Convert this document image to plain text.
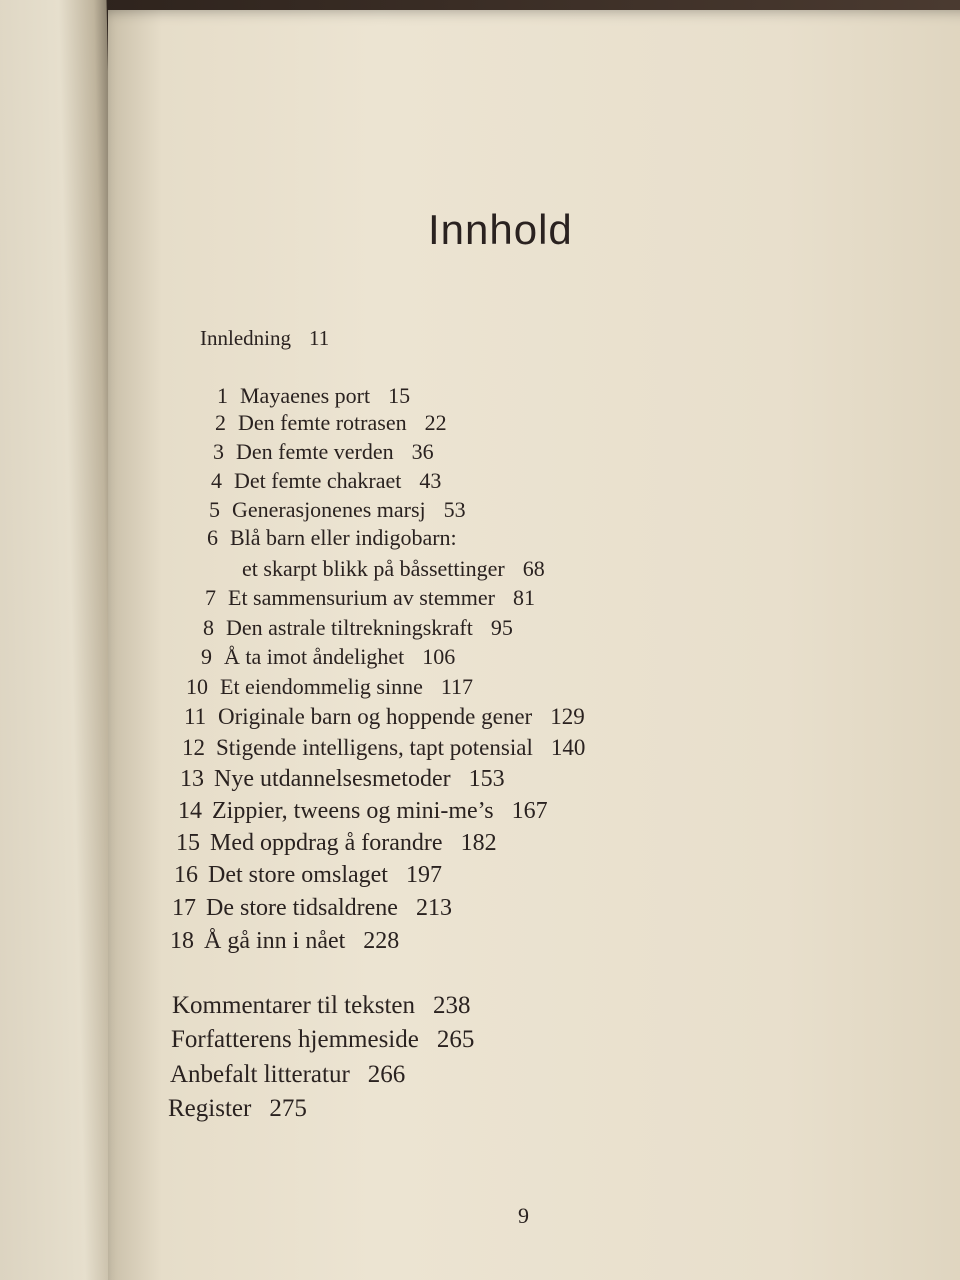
Innhold
Innledning 11
1 Mayaenes port 15
2 Den femte rotrasen 22
3 Den femte verden 36
4 Det femte chakraet 43
5 Generasjonenes marsj 53
6 Blå barn eller indigobarn:
et skarpt blikk på båssettinger 68
7 Et sammensurium av stemmer 81
8 Den astrale tiltrekningskraft 95
9 Å ta imot åndelighet 106
10 Et eiendommelig sinne 117
11 Originale barn og hoppende gener 129
12 Stigende intelligens, tapt potensial 140
13 Nye utdannelsesmetoder 153
14 Zippier, tweens og mini-me’s 167
15 Med oppdrag å forandre 182
16 Det store omslaget 197
17 De store tidsaldrene 213
18 Å gå inn i nået 228
Kommentarer til teksten 238
Forfatterens hjemmeside 265
Anbefalt litteratur 266
Register 275
9
